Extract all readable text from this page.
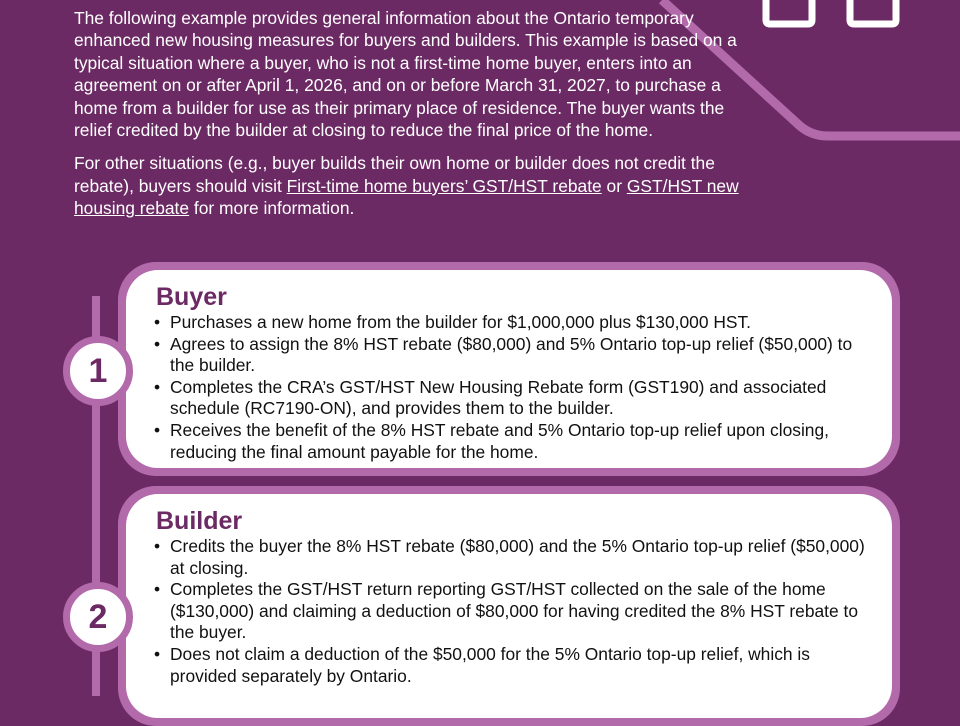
The following example provides general information about the Ontario temporary enhanced new housing measures for buyers and builders. This example is based on a typical situation where a buyer, who is not a first-time home buyer, enters into an agreement on or after April 1, 2026, and on or before March 31, 2027, to purchase a home from a builder for use as their primary place of residence. The buyer wants the relief credited by the builder at closing to reduce the final price of the home.

For other situations (e.g., buyer builds their own home or builder does not credit the rebate), buyers should visit First-time home buyers’ GST/HST rebate or GST/HST new housing rebate for more information.

Buyer
• Purchases a new home from the builder for $1,000,000 plus $130,000 HST.
• Agrees to assign the 8% HST rebate ($80,000) and 5% Ontario top-up relief ($50,000) to the builder.
• Completes the CRA’s GST/HST New Housing Rebate form (GST190) and associated schedule (RC7190-ON), and provides them to the builder.
• Receives the benefit of the 8% HST rebate and 5% Ontario top-up relief upon closing, reducing the final amount payable for the home.
1
Builder
• Credits the buyer the 8% HST rebate ($80,000) and the 5% Ontario top-up relief ($50,000) at closing.
• Completes the GST/HST return reporting GST/HST collected on the sale of the home ($130,000) and claiming a deduction of $80,000 for having credited the 8% HST rebate to the buyer.
• Does not claim a deduction of the $50,000 for the 5% Ontario top-up relief, which is provided separately by Ontario.
2
